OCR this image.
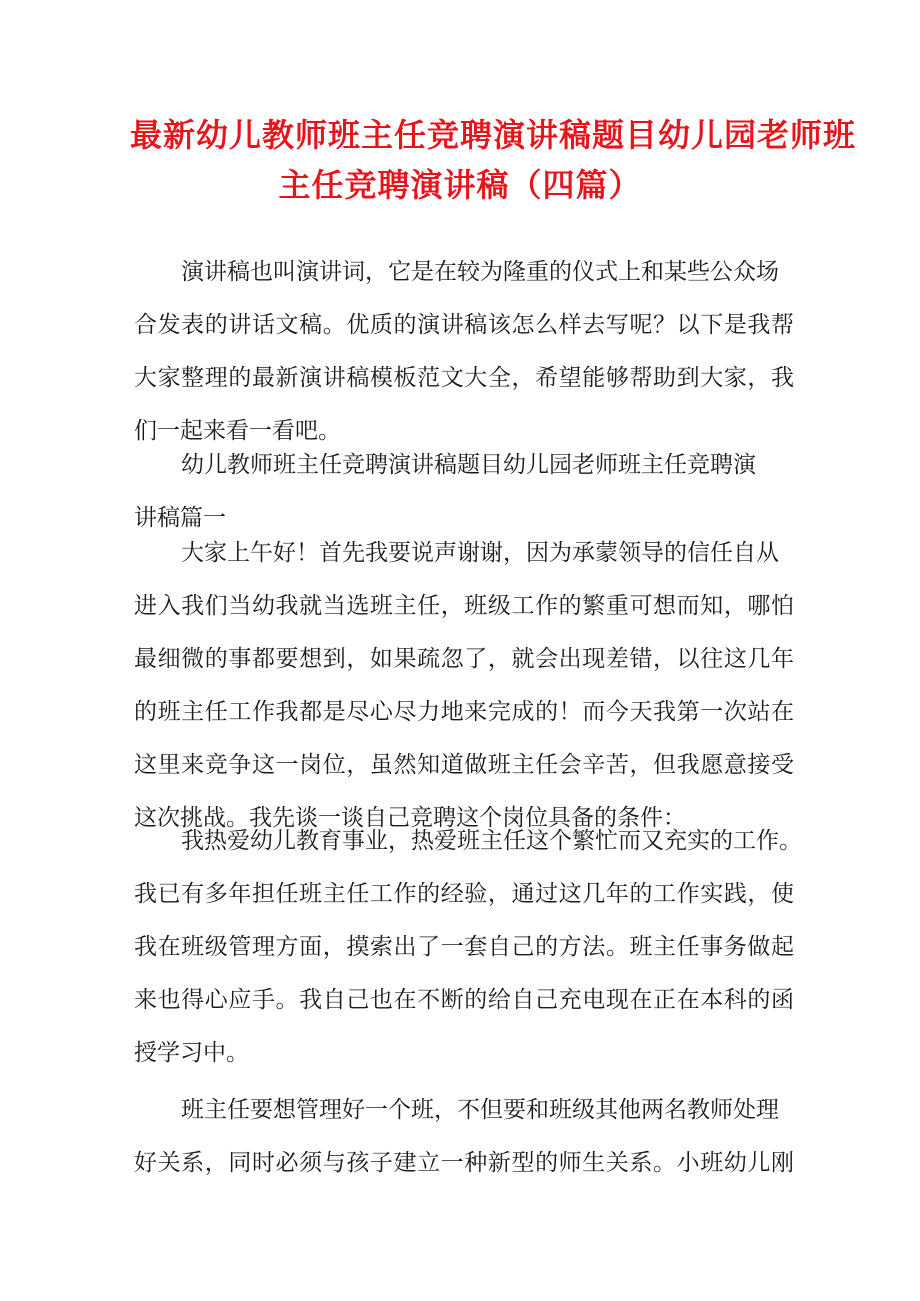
最新幼儿教师班主任竞聘演讲稿题目幼儿园老师班
主任竞聘演讲稿（四篇）
演讲稿也叫演讲词，它是在较为隆重的仪式上和某些公众场
合发表的讲话文稿。优质的演讲稿该怎么样去写呢？以下是我帮
大家整理的最新演讲稿模板范文大全，希望能够帮助到大家，我
们一起来看一看吧。
幼儿教师班主任竞聘演讲稿题目幼儿园老师班主任竞聘演
讲稿篇一
大家上午好！首先我要说声谢谢，因为承蒙领导的信任自从
进入我们当幼我就当选班主任，班级工作的繁重可想而知，哪怕
最细微的事都要想到，如果疏忽了，就会出现差错，以往这几年
的班主任工作我都是尽心尽力地来完成的！而今天我第一次站在
这里来竞争这一岗位，虽然知道做班主任会辛苦，但我愿意接受
这次挑战。我先谈一谈自己竞聘这个岗位具备的条件：
我热爱幼儿教育事业，热爱班主任这个繁忙而又充实的工作。
我已有多年担任班主任工作的经验，通过这几年的工作实践，使
我在班级管理方面，摸索出了一套自己的方法。班主任事务做起
来也得心应手。我自己也在不断的给自己充电现在正在本科的函
授学习中。
班主任要想管理好一个班，不但要和班级其他两名教师处理
好关系，同时必须与孩子建立一种新型的师生关系。小班幼儿刚
